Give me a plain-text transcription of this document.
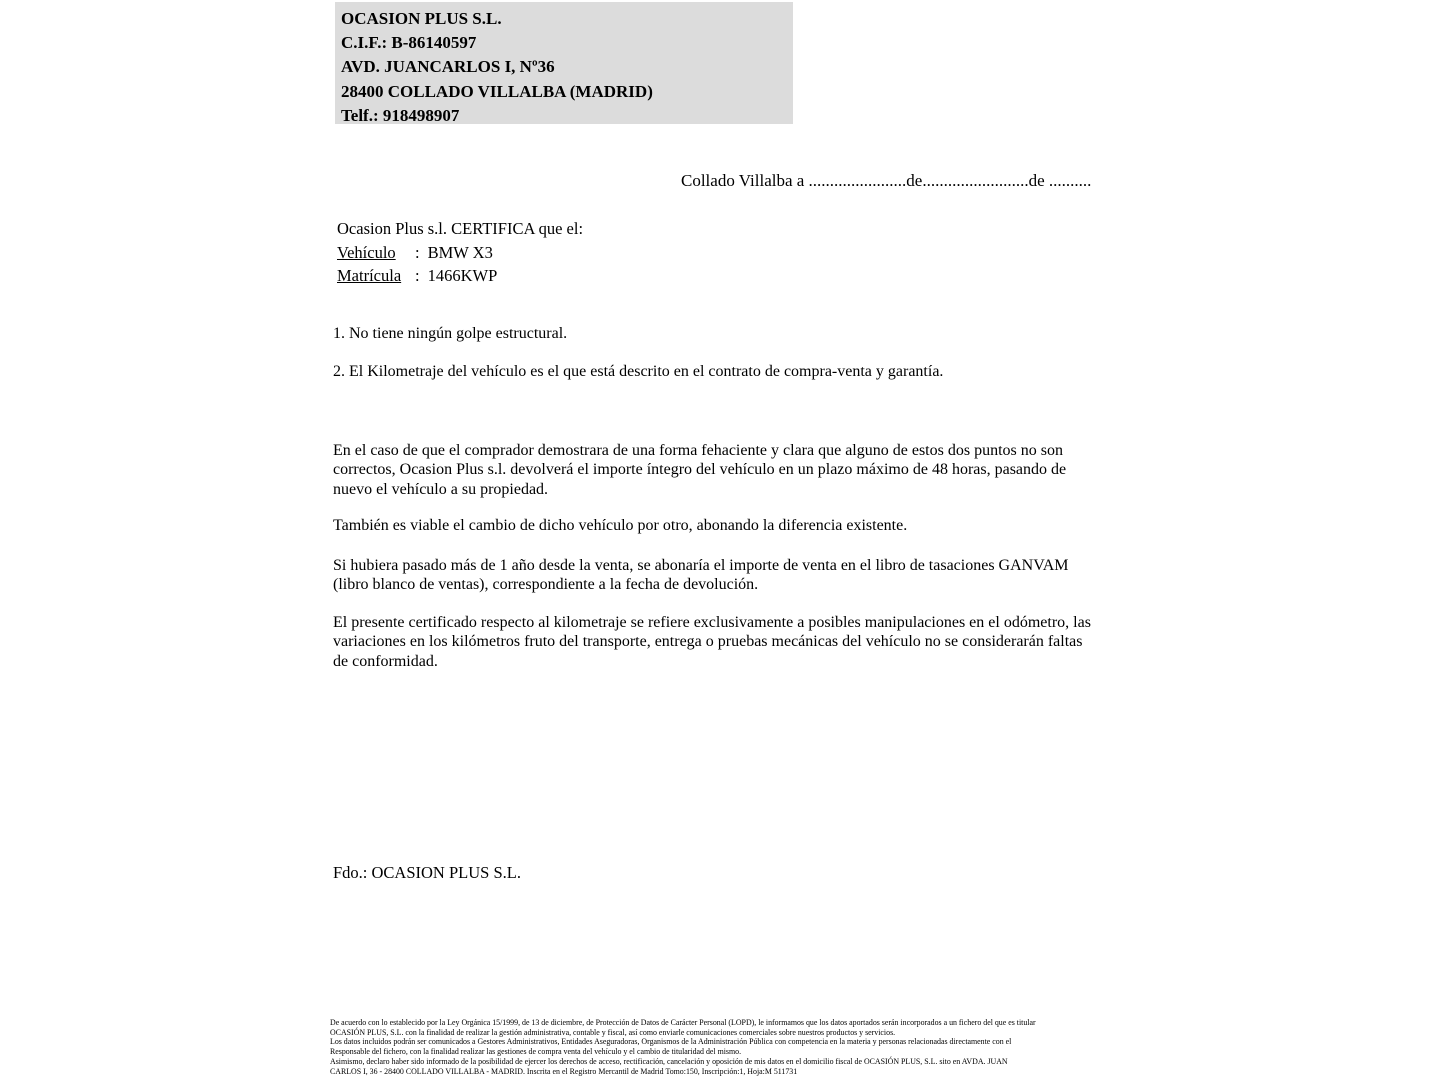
OCASION PLUS S.L.
C.I.F.: B-86140597
AVD. JUANCARLOS I, Nº36
28400 COLLADO VILLALBA (MADRID)
Telf.: 918498907
Collado Villalba a .......................de.........................de ..........
Ocasion Plus s.l. CERTIFICA que el:
Vehículo : BMW X3
Matrícula : 1466KWP
1. No tiene ningún golpe estructural.
2. El Kilometraje del vehículo es el que está descrito en el contrato de compra-venta y garantía.
En el caso de que el comprador demostrara de una forma fehaciente y clara que alguno de estos dos puntos no son correctos, Ocasion Plus s.l. devolverá el importe íntegro del vehículo en un plazo máximo de 48 horas, pasando de nuevo el vehículo a su propiedad.
También es viable el cambio de dicho vehículo por otro, abonando la diferencia existente.
Si hubiera pasado más de 1 año desde la venta, se abonaría el importe de venta en el libro de tasaciones GANVAM (libro blanco de ventas), correspondiente a la fecha de devolución.
El presente certificado respecto al kilometraje se refiere exclusivamente a posibles manipulaciones en el odómetro, las variaciones en los kilómetros fruto del transporte, entrega o pruebas mecánicas del vehículo no se considerarán faltas de conformidad.
Fdo.: OCASION PLUS S.L.
De acuerdo con lo establecido por la Ley Orgánica 15/1999, de 13 de diciembre, de Protección de Datos de Carácter Personal (LOPD), le informamos que los datos aportados serán incorporados a un fichero del que es titular
OCASIÓN PLUS, S.L. con la finalidad de realizar la gestión administrativa, contable y fiscal, así como enviarle comunicaciones comerciales sobre nuestros productos y servicios.
Los datos incluidos podrán ser comunicados a Gestores Administrativos, Entidades Aseguradoras, Organismos de la Administración Pública con competencia en la materia y personas relacionadas directamente con el
Responsable del fichero, con la finalidad realizar las gestiones de compra venta del vehículo y el cambio de titularidad del mismo.
Asimismo, declaro haber sido informado de la posibilidad de ejercer los derechos de acceso, rectificación, cancelación y oposición de mis datos en el domicilio fiscal de OCASIÓN PLUS, S.L. sito en AVDA. JUAN
CARLOS I, 36 - 28400 COLLADO VILLALBA - MADRID. Inscrita en el Registro Mercantil de Madrid Tomo:150, Inscripción:1, Hoja:M 511731
